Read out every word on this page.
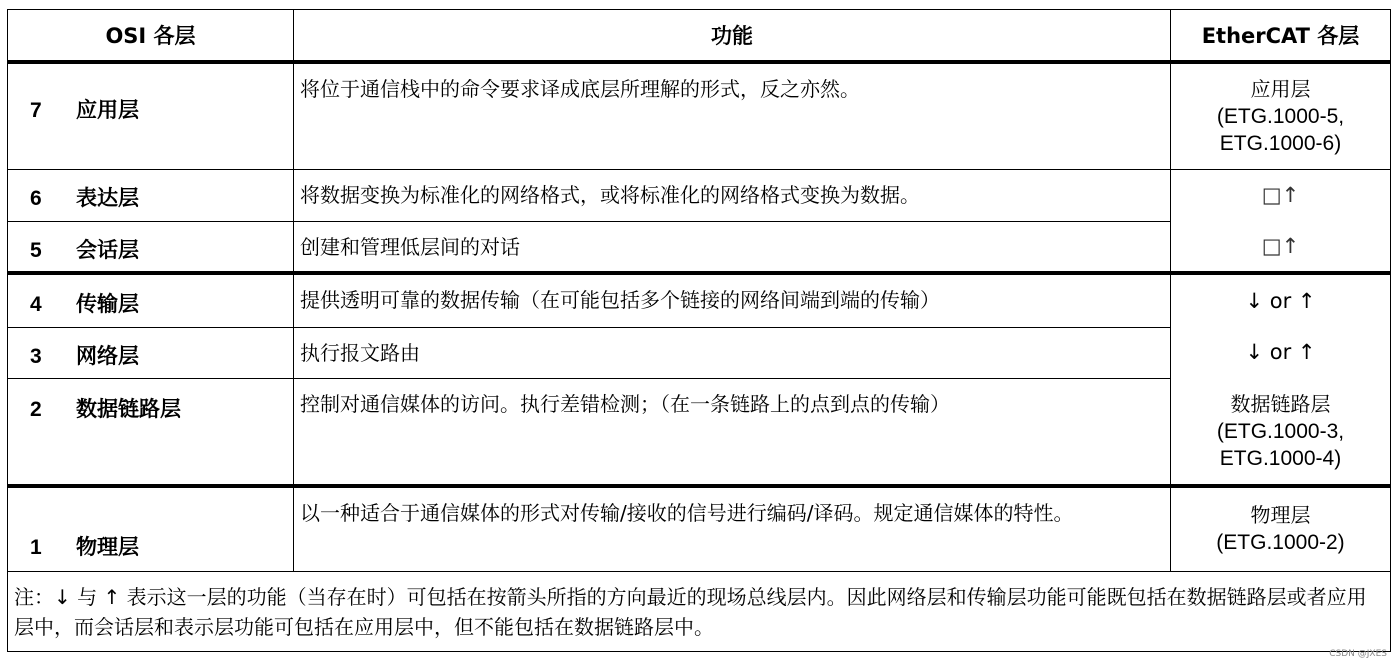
OSI 各层	功能	EtherCAT 各层
7 应用层	将位于通信栈中的命令要求译成底层所理解的形式，反之亦然。	应用层
(ETG.1000-5,
ETG.1000-6)

6 表达层	将数据变换为标准化的网络格式，或将标准化的网络格式变换为数据。	□↑
5 会话层	创建和管理低层间的对话	□↑
4 传输层	提供透明可靠的数据传输（在可能包括多个链接的网络间端到端的传输）	↓ or ↑
3 网络层	执行报文路由	↓ or ↑
2 数据链路层	控制对通信媒体的访问。执行差错检测；（在一条链路上的点到点的传输）	数据链路层
(ETG.1000-3,
ETG.1000-4)

1 物理层	以一种适合于通信媒体的形式对传输/接收的信号进行编码/译码。规定通信媒体的特性。	物理层
(ETG.1000-2)

注：↓ 与 ↑ 表示这一层的功能（当存在时）可包括在按箭头所指的方向最近的现场总线层内。因此网络层和传输层功能可能既包括在数据链路层或者应用层中，而会话层和表示层功能可包括在应用层中，但不能包括在数据链路层中。		
CSDN @JXES
